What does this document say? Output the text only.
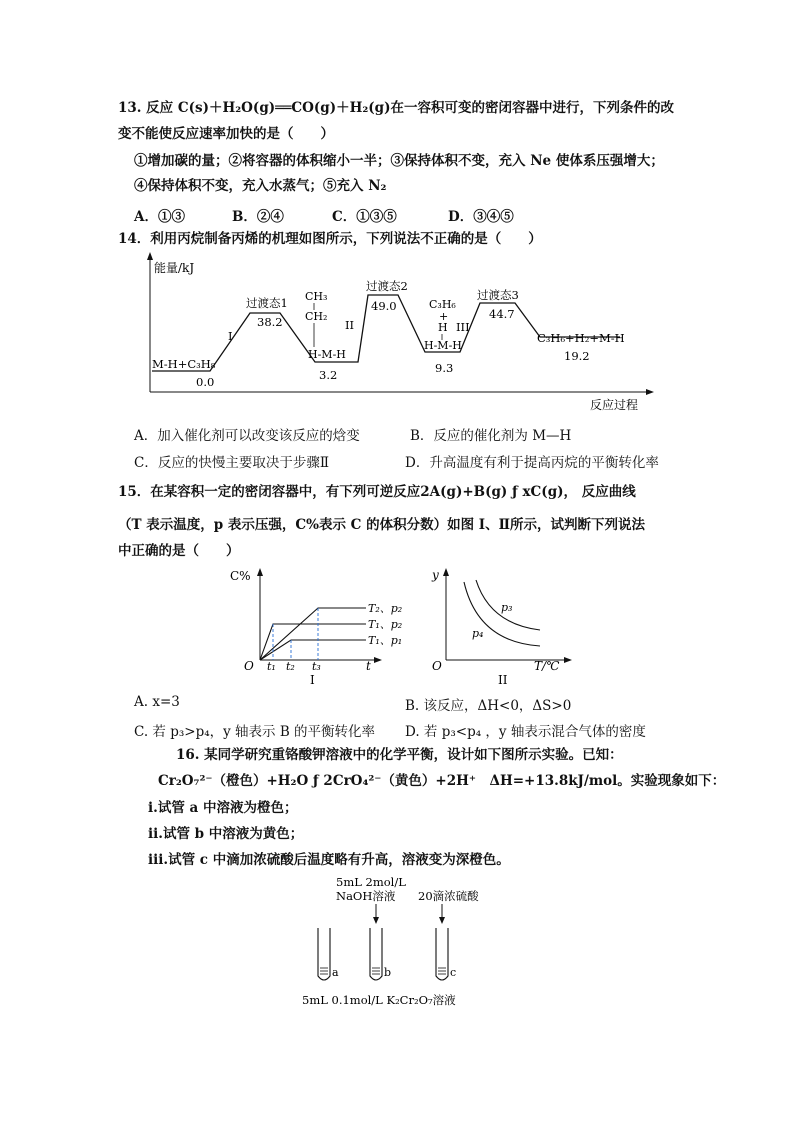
13. 反应 C(s)＋H₂O(g)══CO(g)＋H₂(g)在一容积可变的密闭容器中进行，下列条件的改
变不能使反应速率加快的是（　　）
①增加碳的量；②将容器的体积缩小一半；③保持体积不变，充入 Ne 使体系压强增大；
④保持体积不变，充入水蒸气；⑤充入 N₂
A．①③	B．②④	C．①③⑤	D．③④⑤
14．利用丙烷制备丙烯的机理如图所示，下列说法不正确的是（　　）
能量/kJ
反应过程
M-H+C₃H₈
0.0
I
过渡态1
38.2
CH₃
CH₂
H-M-H
3.2
II
过渡态2
49.0	C₃H₆
+
H
H-M-H
9.3
III
过渡态3
44.7
C₃H₆+H₂+M-H
19.2
A．加入催化剂可以改变该反应的焓变	B．反应的催化剂为 M—H
C．反应的快慢主要取决于步骤Ⅱ	D．升高温度有利于提高丙烷的平衡转化率
15．在某容积一定的密闭容器中，有下列可逆反应2A(g)+B(g) ƒ xC(g)， 反应曲线
（T 表示温度，p 表示压强，C%表示 C 的体积分数）如图 Ⅰ、Ⅱ所示，试判断下列说法
中正确的是（　　）
C%
t
O t₁ t₂ t₃
T₂、p₂
T₁、p₂
T₁、p₁
I
y
T/℃
O
p₃
p₄
II
A. x=3	B. 该反应，ΔH<0，ΔS>0
C. 若 p₃>p₄，y 轴表示 B 的平衡转化率 D. 若 p₃<p₄ ，y 轴表示混合气体的密度
16. 某同学研究重铬酸钾溶液中的化学平衡，设计如下图所示实验。已知：
Cr₂O₇²⁻（橙色）+H₂O ƒ 2CrO₄²⁻（黄色）+2H⁺　ΔH=+13.8kJ/mol。实验现象如下：
i.试管 a 中溶液为橙色；
ii.试管 b 中溶液为黄色；
iii.试管 c 中滴加浓硫酸后温度略有升高，溶液变为深橙色。
5mL 2mol/L
NaOH溶液 20滴浓硫酸
a	b	c
5mL 0.1mol/L K₂Cr₂O₇溶液
